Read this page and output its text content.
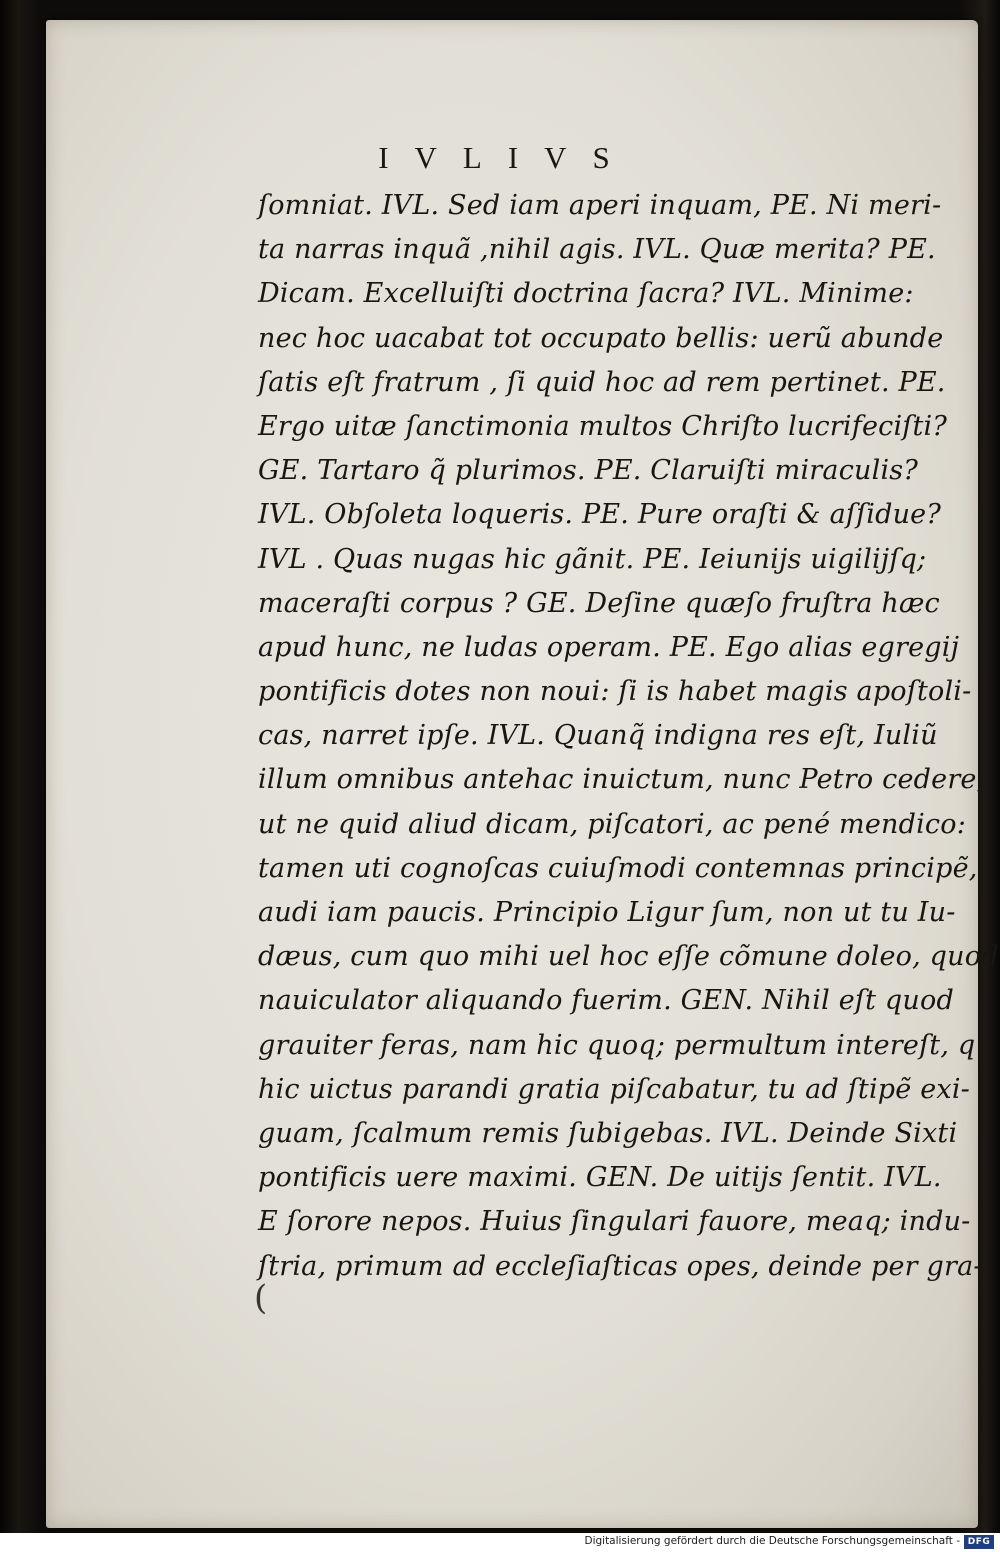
IVLIVS
ſomniat. IVL. Sed iam aperi inquam, PE. Ni meri-
ta narras inquã ,nihil agis. IVL. Quæ merita? PE.
Dicam. Excelluiſti doctrina ſacra? IVL. Minime:
nec hoc uacabat tot occupato bellis: uerũ abunde
ſatis eſt fratrum , ſi quid hoc ad rem pertinet. PE.
Ergo uitæ ſanctimonia multos Chriſto lucrifeciſti?
GE. Tartaro q̃ plurimos. PE. Claruiſti miraculis?
IVL. Obſoleta loqueris. PE. Pure oraſti & aſſidue?
IVL . Quas nugas hic gãnit. PE. Ieiunijs uigilijſq;
maceraſti corpus ? GE. Deſine quæſo fruſtra hæc
apud hunc, ne ludas operam. PE. Ego alias egregij
pontificis dotes non noui: ſi is habet magis apoſtoli-
cas, narret ipſe. IVL. Quanq̃ indigna res eſt, Iuliũ
illum omnibus antehac inuictum, nunc Petro cedere,
ut ne quid aliud dicam, piſcatori, ac pené mendico:
tamen uti cognoſcas cuiuſmodi contemnas principẽ,
audi iam paucis. Principio Ligur ſum, non ut tu Iu-
dæus, cum quo mihi uel hoc eſſe cõmune doleo, quod
nauiculator aliquando fuerim. GEN. Nihil eſt quod
grauiter feras, nam hic quoq; permultum intereſt, q
hic uictus parandi gratia piſcabatur, tu ad ſtipẽ exi-
guam, ſcalmum remis ſubigebas. IVL. Deinde Sixti
pontificis uere maximi. GEN. De uitijs ſentit. IVL.
E ſorore nepos. Huius ſingulari fauore, meaq; indu-
ſtria, primum ad eccleſiaſticas opes, deinde per gra-
(
Digitalisierung gefördert durch die Deutsche Forschungsgemeinschaft - DFG
